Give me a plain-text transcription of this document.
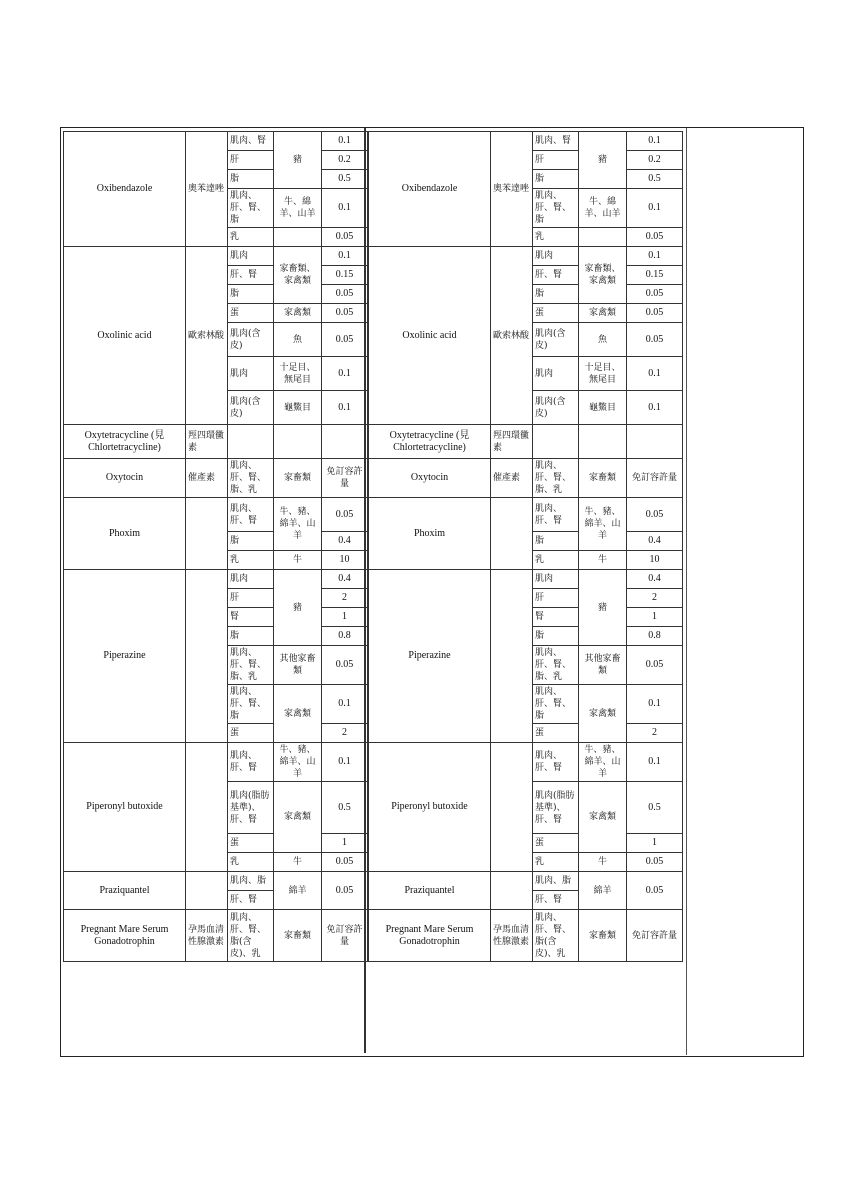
Oxibendazole	奧苯達唑	肌肉、腎	豬	0.1
		肝		0.2
		脂		0.5
		肌肉、肝、腎、脂	牛、綿羊、山羊	0.1
		乳		0.05
Oxolinic acid	歐索林酸	肌肉	家畜類、家禽類	0.1
		肝、腎		0.15
		脂		0.05
		蛋	家禽類	0.05
		肌肉(含皮)	魚	0.05
		肌肉	十足目、無尾目	0.1
		肌肉(含皮)	龜鱉目	0.1
Oxytetracycline (見Chlortetracycline)	羥四環黴素			
Oxytocin	催產素	肌肉、肝、腎、脂、乳	家畜類	免訂容許量
Phoxim		肌肉、肝、腎	牛、豬、綿羊、山羊	0.05
		脂		0.4
		乳	牛	10
Piperazine		肌肉	豬	0.4
		肝		2
		腎		1
		脂		0.8
		肌肉、肝、腎、脂、乳	其他家畜類	0.05
		肌肉、肝、腎、脂	家禽類	0.1
		蛋		2
Piperonyl butoxide		肌肉、肝、腎	牛、豬、綿羊、山羊	0.1
		肌肉(脂肪基準)、肝、腎	家禽類	0.5
		蛋		1
		乳	牛	0.05
Praziquantel		肌肉、脂	綿羊	0.05
		肝、腎		
Pregnant Mare Serum Gonadotrophin	孕馬血清性腺激素	肌肉、肝、腎、脂(含皮)、乳	家畜類	免訂容許量
Oxibendazole	奧苯達唑	肌肉、腎	豬	0.1
		肝		0.2
		脂		0.5
		肌肉、肝、腎、脂	牛、綿羊、山羊	0.1
		乳		0.05
Oxolinic acid	歐索林酸	肌肉	家畜類、家禽類	0.1
		肝、腎		0.15
		脂		0.05
		蛋	家禽類	0.05
		肌肉(含皮)	魚	0.05
		肌肉	十足目、無尾目	0.1
		肌肉(含皮)	龜鱉目	0.1
Oxytetracycline (見Chlortetracycline)	羥四環黴素			
Oxytocin	催產素	肌肉、肝、腎、脂、乳	家畜類	免訂容許量
Phoxim		肌肉、肝、腎	牛、豬、綿羊、山羊	0.05
		脂		0.4
		乳	牛	10
Piperazine		肌肉	豬	0.4
		肝		2
		腎		1
		脂		0.8
		肌肉、肝、腎、脂、乳	其他家畜類	0.05
		肌肉、肝、腎、脂	家禽類	0.1
		蛋		2
Piperonyl butoxide		肌肉、肝、腎	牛、豬、綿羊、山羊	0.1
		肌肉(脂肪基準)、肝、腎	家禽類	0.5
		蛋		1
		乳	牛	0.05
Praziquantel		肌肉、脂	綿羊	0.05
		肝、腎		
Pregnant Mare Serum Gonadotrophin	孕馬血清性腺激素	肌肉、肝、腎、脂(含皮)、乳	家畜類	免訂容許量
